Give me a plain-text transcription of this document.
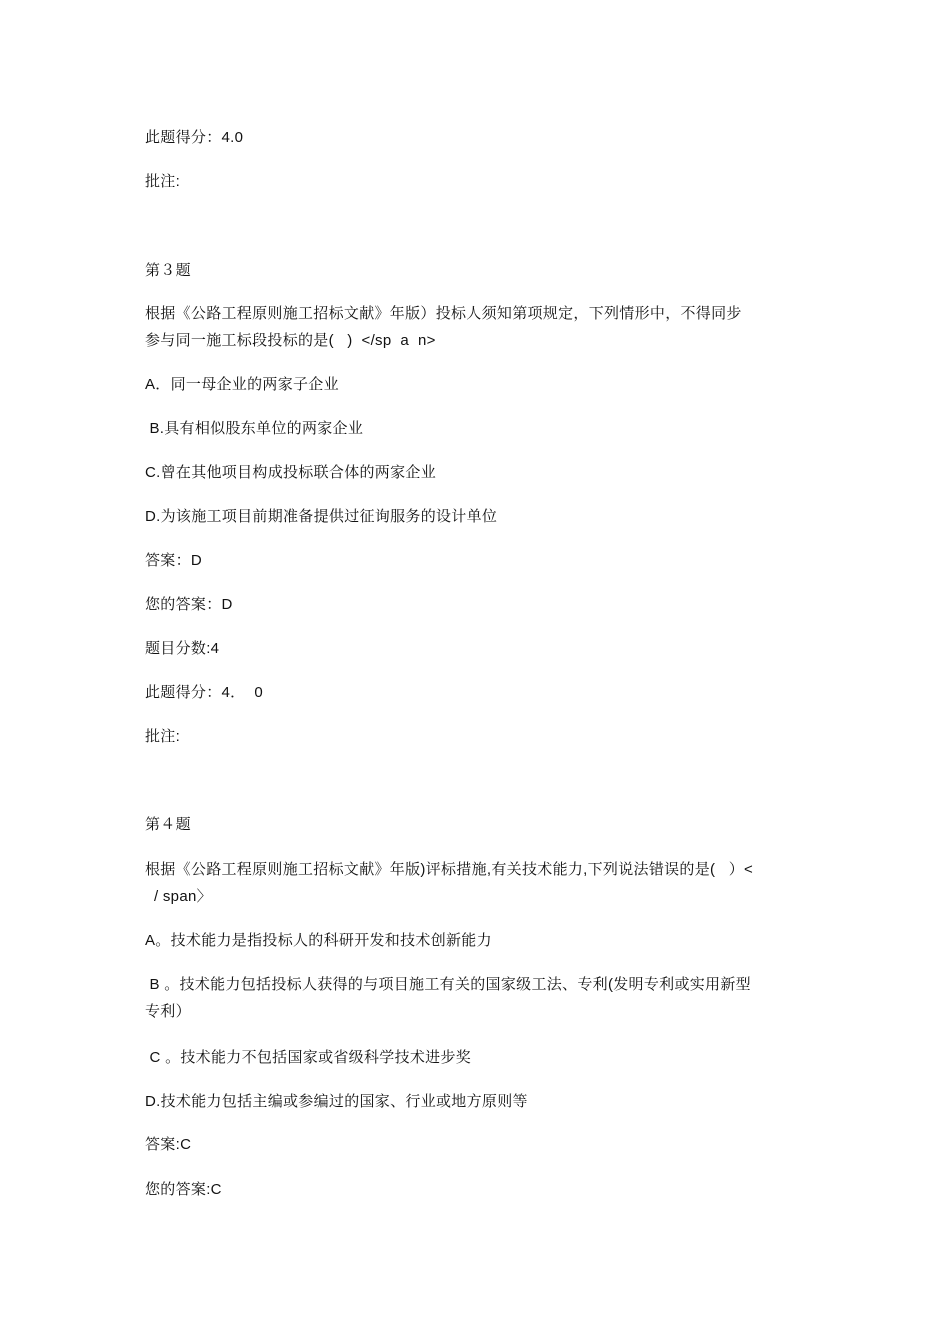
此题得分：4.0
批注:
第３题
根据《公路工程原则施工招标文献》年版）投标人须知第项规定，下列情形中，不得同步
参与同一施工标段投标的是(   )  </sp  a  n>
A．同一母企业的两家子企业
B.具有相似股东单位的两家企业
C.曾在其他项目构成投标联合体的两家企业
D.为该施工项目前期准备提供过征询服务的设计单位
答案：D
您的答案：D
题目分数:4
此题得分：4．  0
批注:
第４题
根据《公路工程原则施工招标文献》年版)评标措施,有关技术能力,下列说法错误的是(   ）<
/ span〉
A。技术能力是指投标人的科研开发和技术创新能力
B 。技术能力包括投标人获得的与项目施工有关的国家级工法、专利(发明专利或实用新型
专利）
C 。技术能力不包括国家或省级科学技术进步奖
D.技术能力包括主编或参编过的国家、行业或地方原则等
答案:C
您的答案:C
